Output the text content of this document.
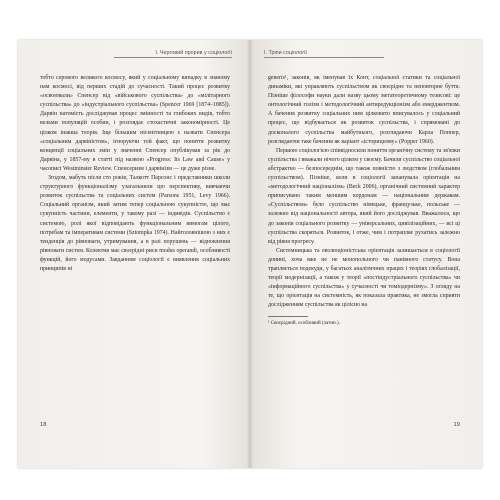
І. Черговий прорив у соціології

тобто серового великого космосу, який у соціальному випадку в знаному нам космосі, від перших стадій до сучасності. Такий процес розвитку «освоювали» Спенсер від «військового суспільства» до «мілітарного суспільства» до «індустріального суспільства» (Spencer 1969 [1874–1885]). Дарвін натомість досліджував процес змінності та глибоких видів, тобто вельми популяцій особин, і розглядає стохастичні закономірності. Це цілком інакша теорія. Іще більшим нісенітницею є назвати Спенсера «соціальним дарвіністом», ігноруючи той факт, що поняття розвитку концепції соціальних змін у значенні Спенсер опублікував за рік до Дарвіна, у 1857-му в статті під назвою «Progress: Its Law and Cause» у часописі Westminster Review. Спенсеризм і дарвінізм — це дуже різне.

Згодом, мабуть після сто років, Талкотт Парсонс і представники школи структурного функціоналізму узагальнили цю перспективу, вивчаючи розвиток суспільства та соціальних систем (Parsons 1951, Levy 1966). Соціальний організм, який затим тепер соціальною сукупністю, що має сукупність частини, елементи, у такому разі — індивідів. Суспільство є системою, ролі якої відповідають функціональним вимогам цілого, потребам та імперативам системи (Sztompka 1974). Найголовнішою з них є тенденція до рівноваги, утримування, а в разі порушень — відновлення рівноваги систем. Колектив має своєрідні риси modus operandi, особливості функцій, його модусами. Завданням соціології є виявлення соціальних принципів ні

18
І. Тріпи соціології

generis¹, законів, як іменував їх Конт, соціальної статики та соціальної динаміки, які управляють суспільством як своєрідне та неповторне буття. Пізніше філософи науки дали назву цьому метатеоретичному тезисові: це онтологічний голізм і методологічний антиредукціонізм або емерджентизм. А бачення розвитку соціальних ним цілковито вписувалось у соціальний процес, що відбувається як розвиток суспільства, і спрямовані до досконалого суспільства майбутнього, розглядаючи Карла Поппер, розглядаючи таке бачення як варіант «історицизму» (Popper 1960).

Першою соціологією співвідносили поняття органічну систему та зв'язки суспільства і вважали нічого цілком у своєму. Бачили суспільство соціальної абстрактно — безпосереднім, що також повністю з людством (глобальним суспільством). Пізніше, коли в соціології запанувала орієнтація на «методологічний націоналізм» (Beck 2006), органічний системний характер приписувано таким меншим кордонам — національним державам. «Суспільством» було суспільство німецьке, французьке, польське — залежно від національності автора, який його досліджував. Вважалося, що до законів соціального розвитку — універсальних, цивілізаційних, — всі ці суспільства скоряться. Розвиток, і отже, чим і потрапляє рухатись залежно від рівня прогресу.

Системницька та еволюціоністська орієнтація залишається в соціології донині, хоча вже не не монопольного чи панівного статусу. Вона трапляється подекуди, у багатьох аналітичних працях і теоріях глобалізації, теорії модернізації, а також у теорії «постіндустріального суспільства» чи «інформаційного суспільства» у сучасності чи теміодернізму». З огляду на те, що орієнтація на системність, як показала практика, не змогла сприяти дослідженням суспільства як цілісно на

¹ Своєрідний, особливий (латин.).
19
